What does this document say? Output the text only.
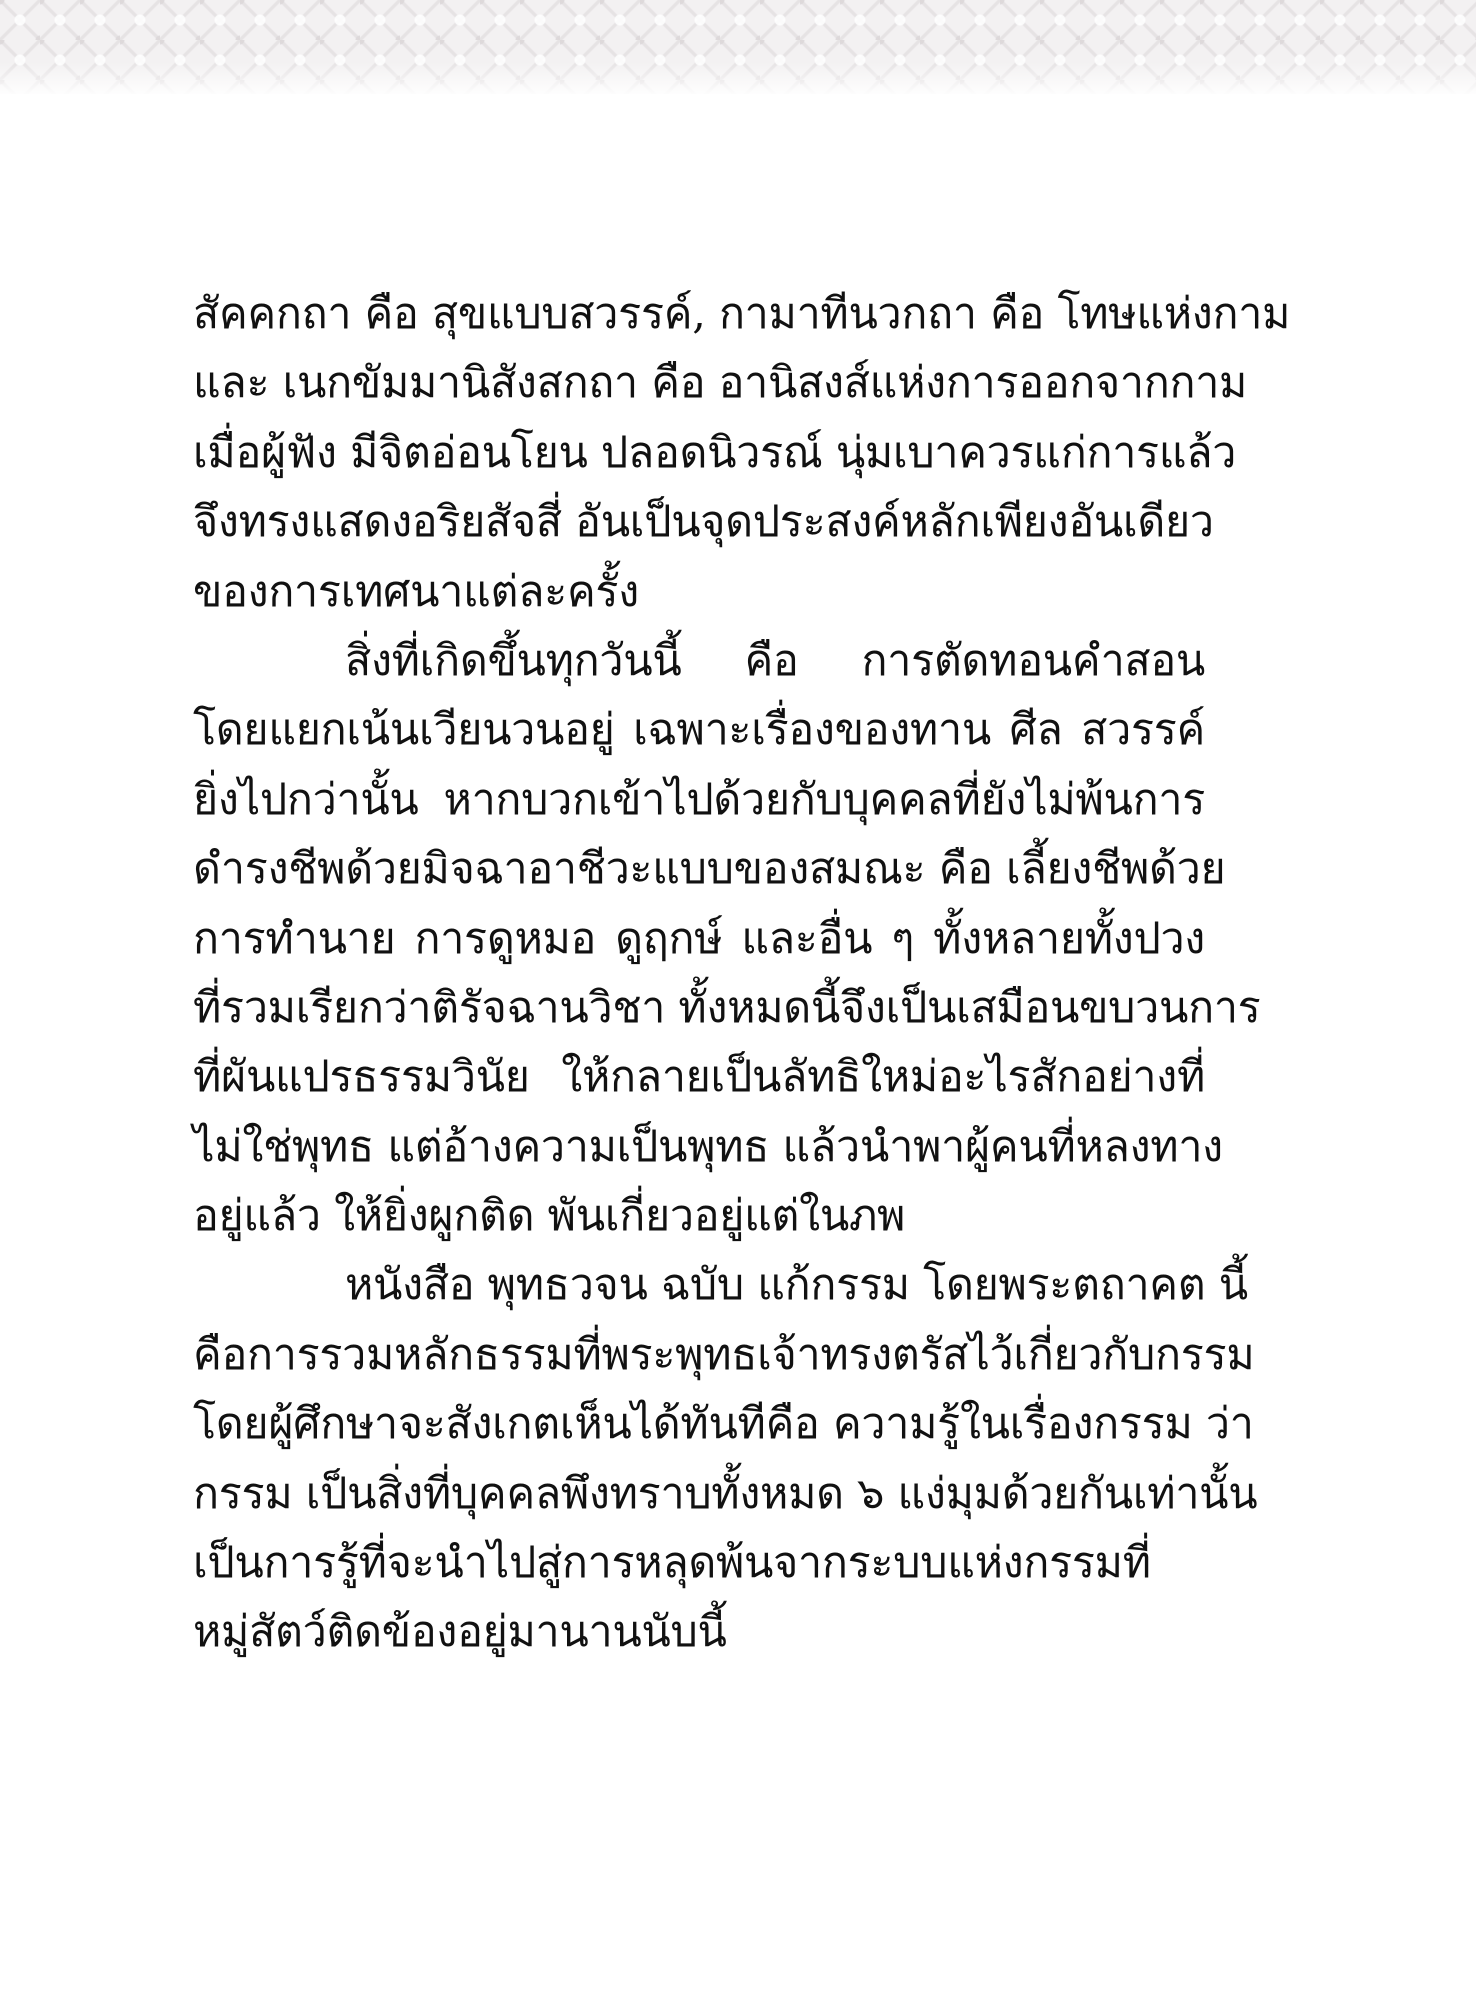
สัคคกถา คือ สุขแบบสวรรค์, กามาทีนวกถา คือ โทษแห่งกาม
และ เนกขัมมานิสังสกถา คือ อานิสงส์แห่งการออกจากกาม
เมื่อผู้ฟัง มีจิตอ่อนโยน ปลอดนิวรณ์ นุ่มเบาควรแก่การแล้ว
จึงทรงแสดงอริยสัจสี่ อันเป็นจุดประสงค์หลักเพียงอันเดียว
ของการเทศนาแต่ละครั้ง
สิ่งที่เกิดขึ้นทุกวันนี้ คือ การตัดทอนคำสอน
โดยแยกเน้นเวียนวนอยู่ เฉพาะเรื่องของทาน ศีล สวรรค์
ยิ่งไปกว่านั้น หากบวกเข้าไปด้วยกับบุคคลที่ยังไม่พ้นการ
ดำรงชีพด้วยมิจฉาอาชีวะแบบของสมณะ คือ เลี้ยงชีพด้วย
การทำนาย การดูหมอ ดูฤกษ์ และอื่น ๆ ทั้งหลายทั้งปวง
ที่รวมเรียกว่าติรัจฉานวิชา ทั้งหมดนี้จึงเป็นเสมือนขบวนการ
ที่ผันแปรธรรมวินัย ให้กลายเป็นลัทธิใหม่อะไรสักอย่างที่
ไม่ใช่พุทธ แต่อ้างความเป็นพุทธ แล้วนำพาผู้คนที่หลงทาง
อยู่แล้ว ให้ยิ่งผูกติด พันเกี่ยวอยู่แต่ในภพ
หนังสือ พุทธวจน ฉบับ แก้กรรม โดยพระตถาคต นี้
คือการรวมหลักธรรมที่พระพุทธเจ้าทรงตรัสไว้เกี่ยวกับกรรม
โดยผู้ศึกษาจะสังเกตเห็นได้ทันทีคือ ความรู้ในเรื่องกรรม ว่า
กรรม เป็นสิ่งที่บุคคลพึงทราบทั้งหมด ๖ แง่มุมด้วยกันเท่านั้น
เป็นการรู้ที่จะนำไปสู่การหลุดพ้นจากระบบแห่งกรรมที่
หมู่สัตว์ติดข้องอยู่มานานนับนี้
